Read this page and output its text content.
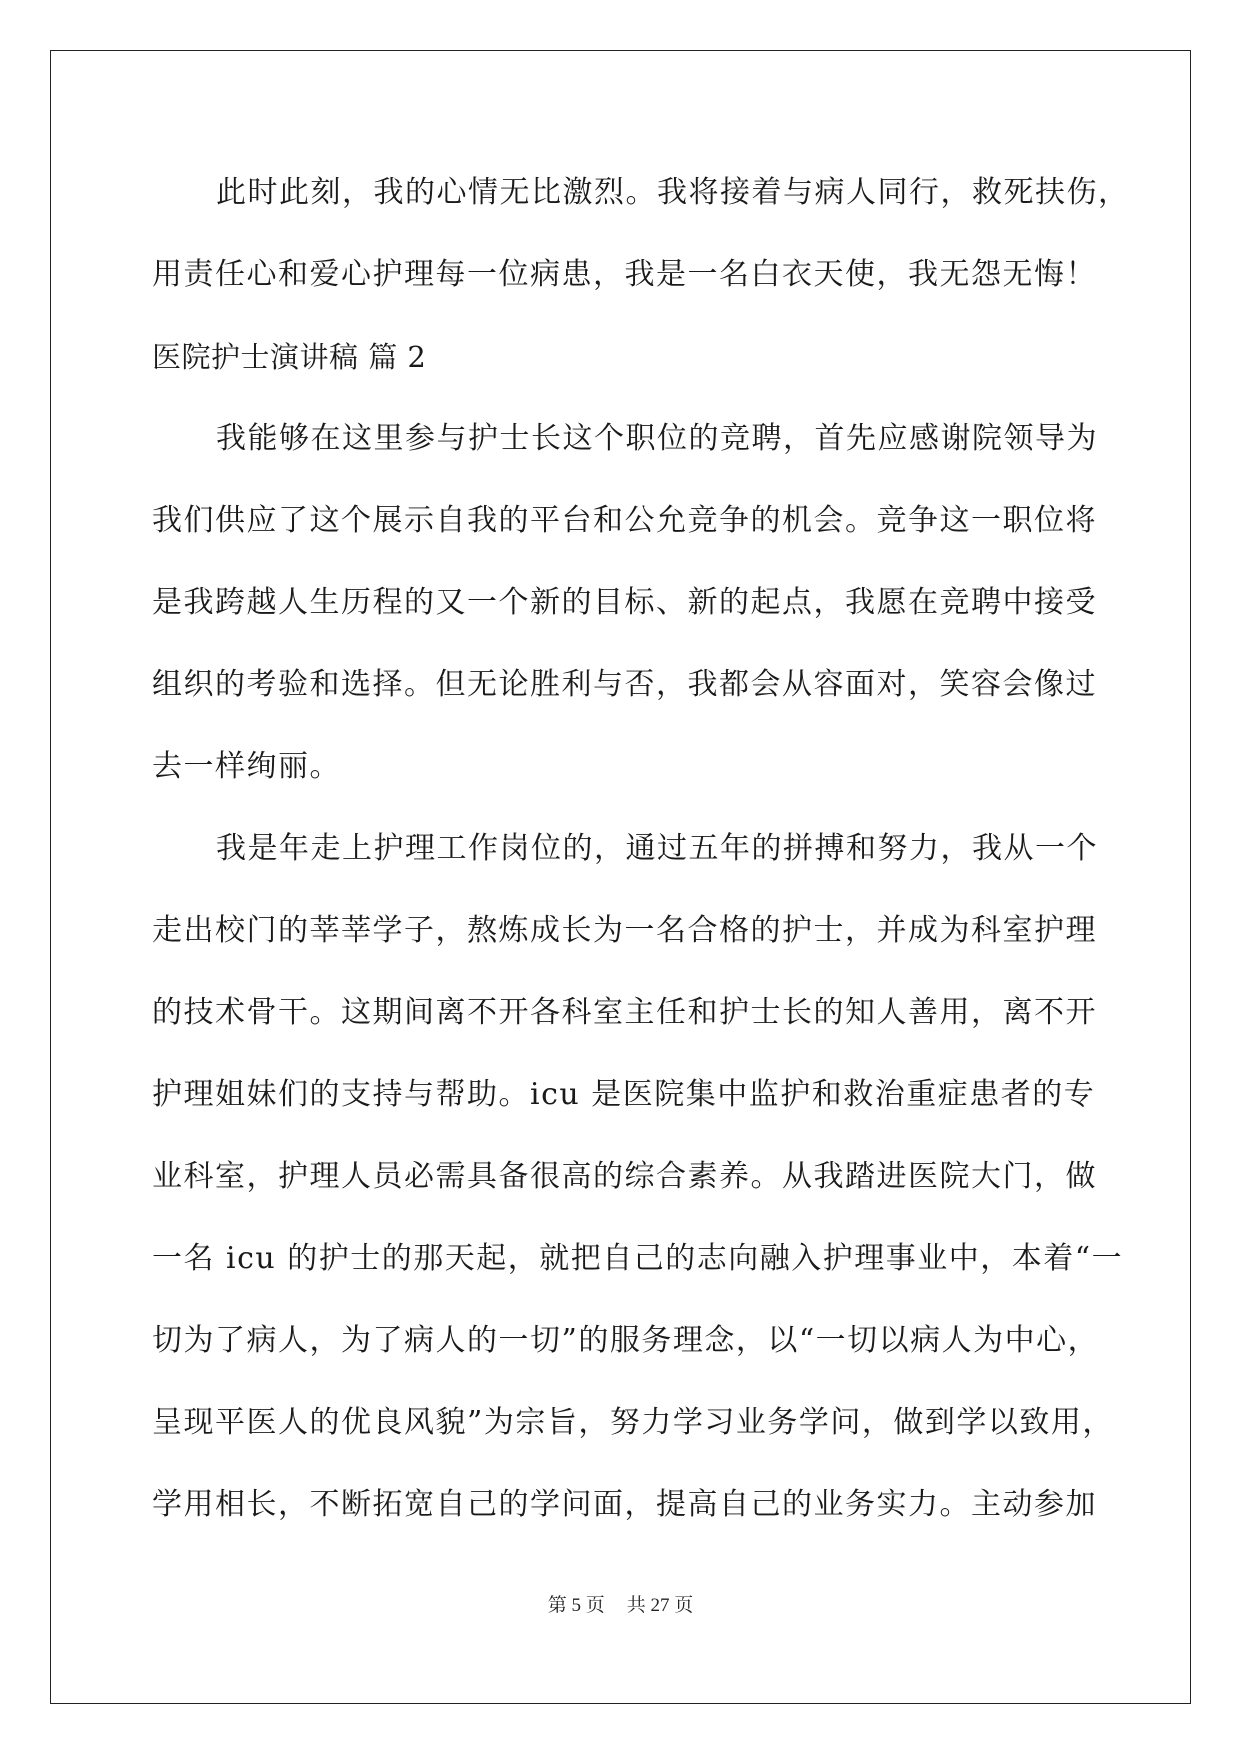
此时此刻，我的心情无比激烈。我将接着与病人同行，救死扶伤，
用责任心和爱心护理每一位病患，我是一名白衣天使，我无怨无悔！
医院护士演讲稿 篇 2
我能够在这里参与护士长这个职位的竞聘，首先应感谢院领导为
我们供应了这个展示自我的平台和公允竞争的机会。竞争这一职位将
是我跨越人生历程的又一个新的目标、新的起点，我愿在竞聘中接受
组织的考验和选择。但无论胜利与否，我都会从容面对，笑容会像过
去一样绚丽。
我是年走上护理工作岗位的，通过五年的拼搏和努力，我从一个
走出校门的莘莘学子，熬炼成长为一名合格的护士，并成为科室护理
的技术骨干。这期间离不开各科室主任和护士长的知人善用，离不开
护理姐妹们的支持与帮助。icu 是医院集中监护和救治重症患者的专
业科室，护理人员必需具备很高的综合素养。从我踏进医院大门，做
一名 icu 的护士的那天起，就把自己的志向融入护理事业中，本着“一
切为了病人，为了病人的一切”的服务理念，以“一切以病人为中心，
呈现平医人的优良风貌”为宗旨，努力学习业务学问，做到学以致用，
学用相长，不断拓宽自己的学问面，提高自己的业务实力。主动参加
第 5 页 共 27 页
